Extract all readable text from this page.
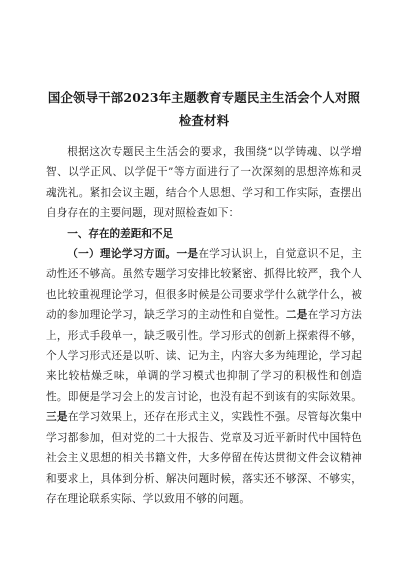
国企领导干部2023年主题教育专题民主生活会个人对照检查材料

根据这次专题民主生活会的要求，我围绕“以学铸魂、以学增智、以学正风、以学促干”等方面进行了一次深刻的思想淬炼和灵魂洗礼。紧扣会议主题，结合个人思想、学习和工作实际，查摆出自身存在的主要问题，现对照检查如下：

一、存在的差距和不足

（一）理论学习方面。一是在学习认识上，自觉意识不足，主动性还不够高。虽然专题学习安排比较紧密、抓得比较严，我个人也比较重视理论学习，但很多时候是公司要求学什么就学什么，被动的参加理论学习，缺乏学习的主动性和自觉性。二是在学习方法上，形式手段单一，缺乏吸引性。学习形式的创新上探索得不够，个人学习形式还是以听、读、记为主，内容大多为纯理论，学习起来比较枯燥乏味，单调的学习模式也抑制了学习的积极性和创造性。即便是学习会上的发言讨论，也没有起不到该有的实际效果。三是在学习效果上，还存在形式主义，实践性不强。尽管每次集中学习都参加，但对党的二十大报告、党章及习近平新时代中国特色社会主义思想的相关书籍文件，大多停留在传达贯彻文件会议精神和要求上，具体到分析、解决问题时候，落实还不够深、不够实，存在理论联系实际、学以致用不够的问题。
